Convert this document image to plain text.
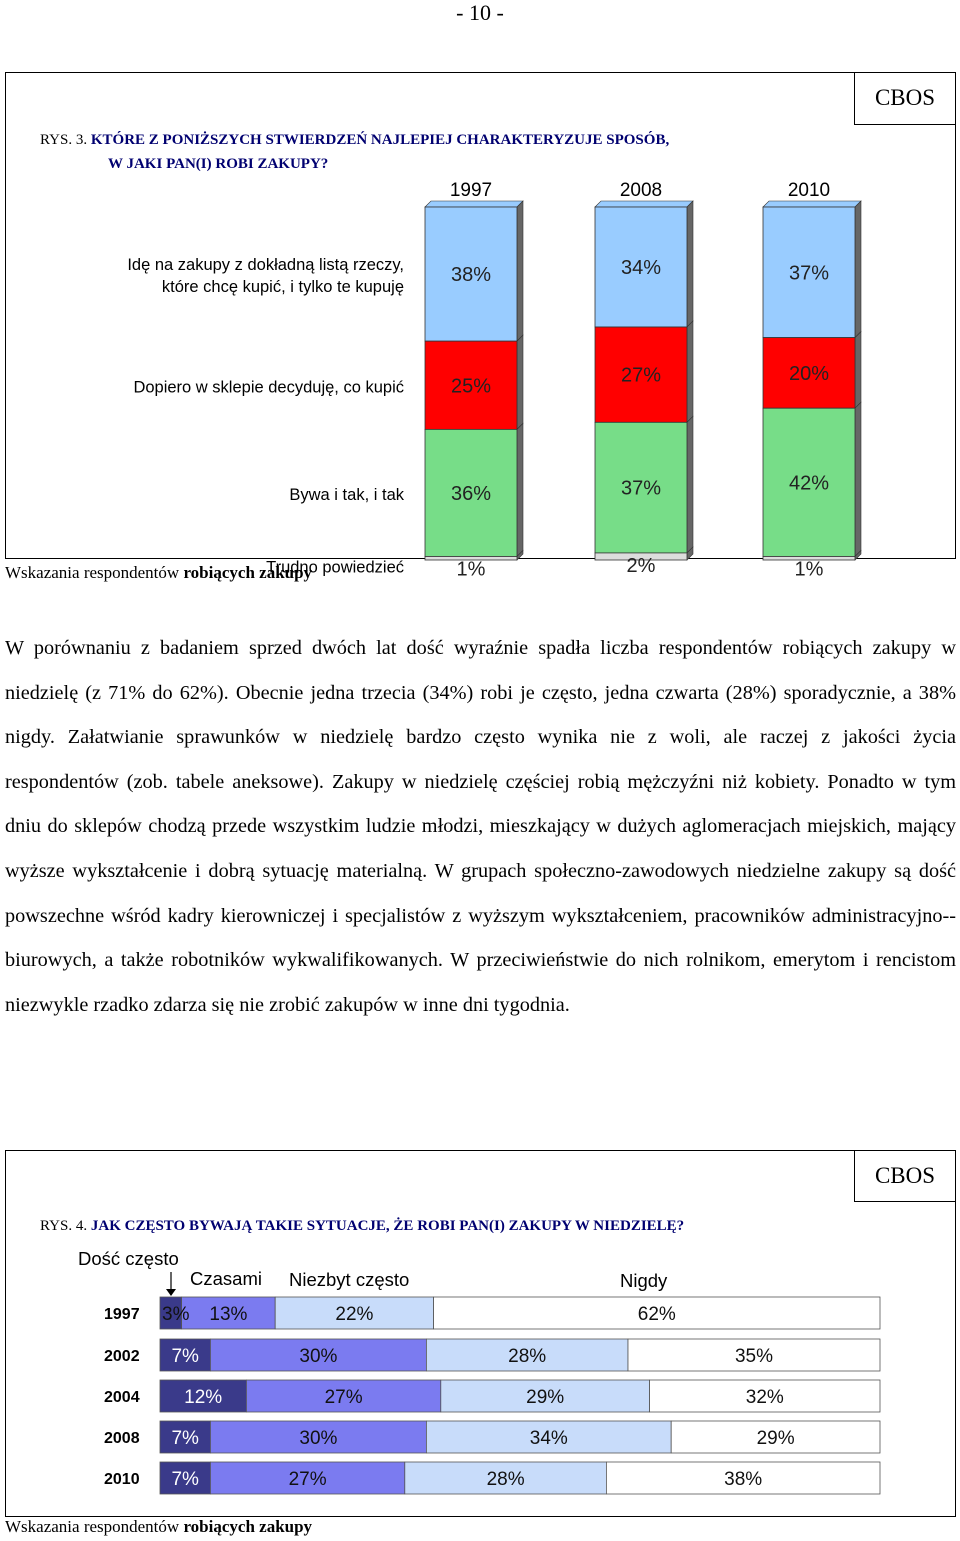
- 10 -
CBOS
RYS. 3. KTÓRE Z PONIŻSZYCH STWIERDZEŃ NAJLEPIEJ CHARAKTERYZUJE SPOSÓB,
W JAKI PAN(I) ROBI ZAKUPY?
38%
25%
36%
1%
34%
27%
37%
2%
37%
20%
42%
1%
1997	2008	2010
Idę na zakupy z dokładną listą rzeczy, które chcę kupić, i tylko te kupuję
Dopiero w sklepie decyduję, co kupić
Bywa i tak, i tak
Trudno powiedzieć
Wskazania respondentów robiących zakupy
W porównaniu z badaniem sprzed dwóch lat dość wyraźnie spadła liczba respondentów robiących zakupy w niedzielę (z 71% do 62%). Obecnie jedna trzecia (34%) robi je często, jedna czwarta (28%) sporadycznie, a 38% nigdy. Załatwianie sprawunków w niedzielę bardzo często wynika nie z woli, ale raczej z jakości życia respondentów (zob. tabele aneksowe). Zakupy w niedzielę częściej robią mężczyźni niż kobiety. Ponadto w tym dniu do sklepów chodzą przede wszystkim ludzie młodzi, mieszkający w dużych aglomeracjach miejskich, mający wyższe wykształcenie i dobrą sytuację materialną. W grupach społeczno-zawodowych niedzielne zakupy są dość powszechne wśród kadry kierowniczej i specjalistów z wyższym wykształceniem, pracowników administracyjno--biurowych, a także robotników wykwalifikowanych. W przeciwieństwie do nich rolnikom, emerytom i rencistom niezwykle rzadko zdarza się nie zrobić zakupów w inne dni tygodnia.
CBOS
RYS. 4. JAK CZĘSTO BYWAJĄ TAKIE SYTUACJE, ŻE ROBI PAN(I) ZAKUPY W NIEDZIELĘ?
Dość często
Czasami Niezbyt często	Nigdy
3% 13%	22%	62%
7%	30%	28%	35%
12%	27%	29%	32%
7%	30%	34%	29%
7%	27%	28%	38%
1997
2002
2004
2008
2010
Wskazania respondentów robiących zakupy
